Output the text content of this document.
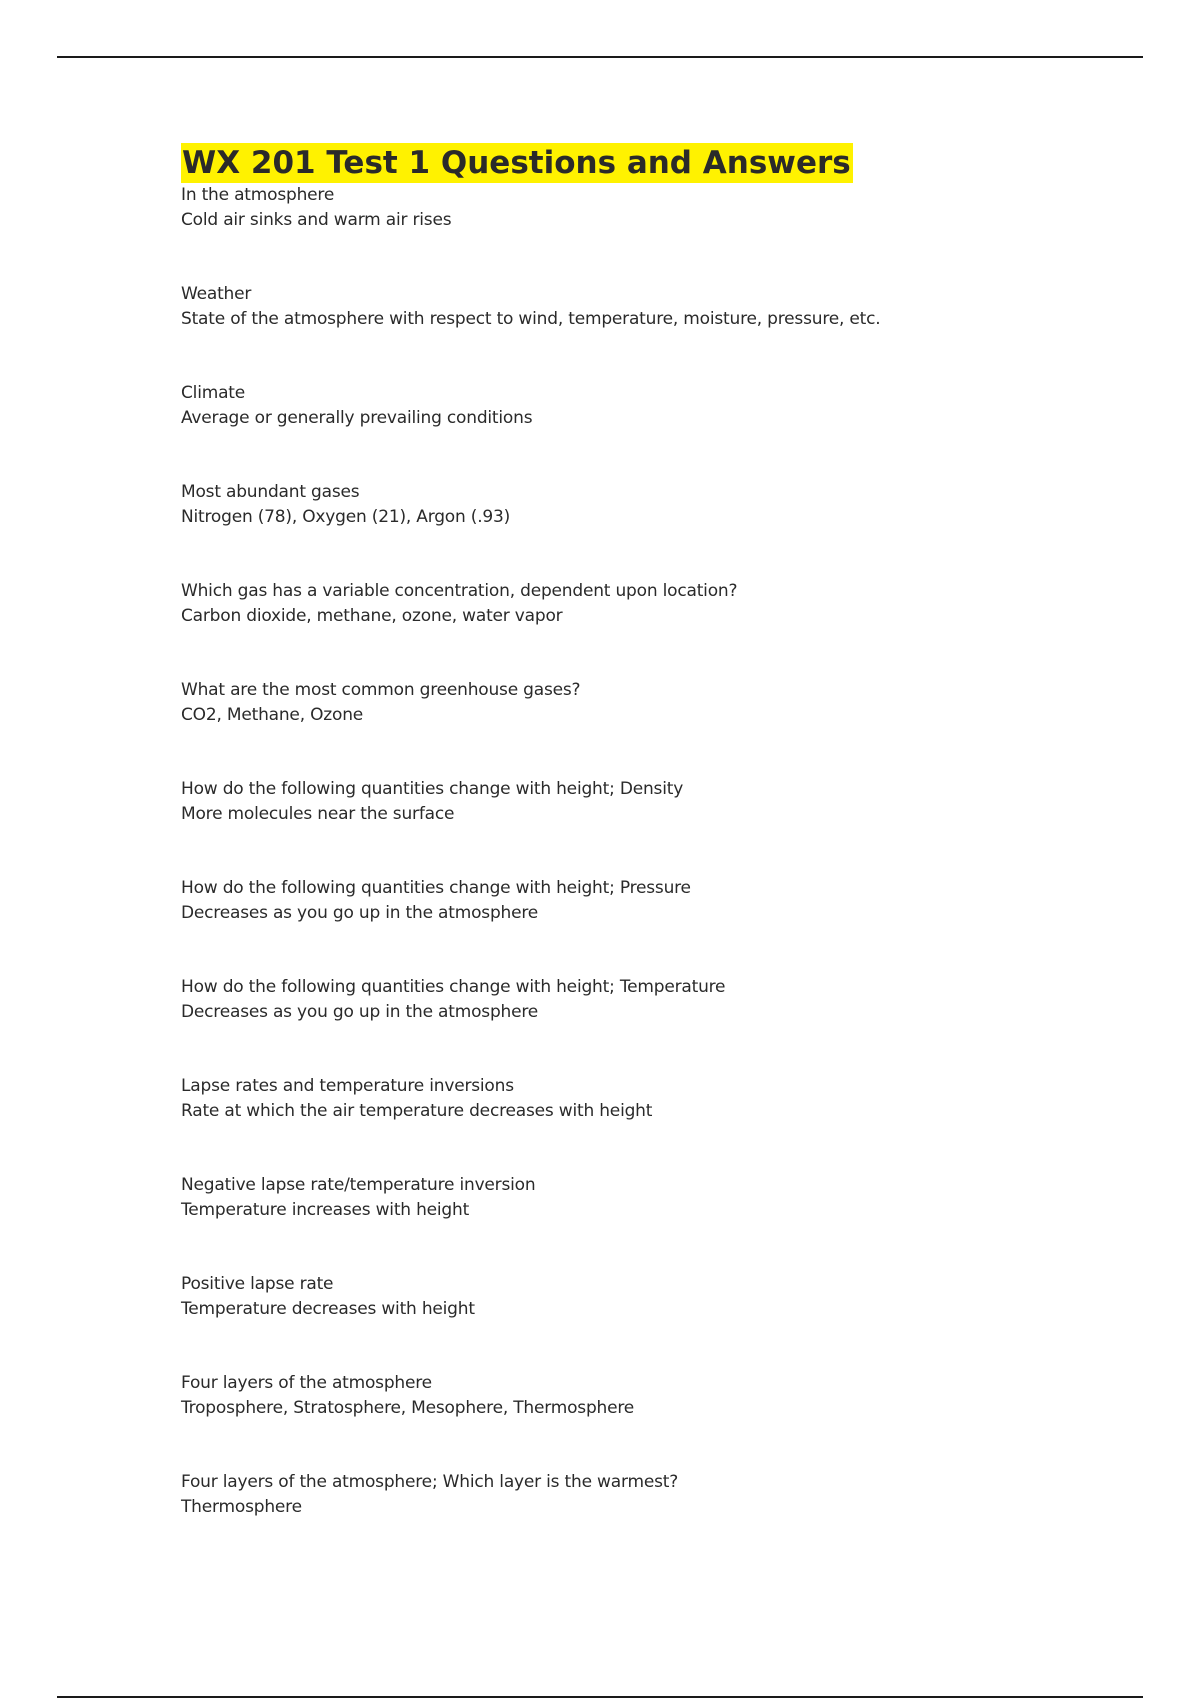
WX 201 Test 1 Questions and Answers
In the atmosphere
Cold air sinks and warm air rises
Weather
State of the atmosphere with respect to wind, temperature, moisture, pressure, etc.
Climate
Average or generally prevailing conditions
Most abundant gases
Nitrogen (78), Oxygen (21), Argon (.93)
Which gas has a variable concentration, dependent upon location?
Carbon dioxide, methane, ozone, water vapor
What are the most common greenhouse gases?
CO2, Methane, Ozone
How do the following quantities change with height; Density
More molecules near the surface
How do the following quantities change with height; Pressure
Decreases as you go up in the atmosphere
How do the following quantities change with height; Temperature
Decreases as you go up in the atmosphere
Lapse rates and temperature inversions
Rate at which the air temperature decreases with height
Negative lapse rate/temperature inversion
Temperature increases with height
Positive lapse rate
Temperature decreases with height
Four layers of the atmosphere
Troposphere, Stratosphere, Mesophere, Thermosphere
Four layers of the atmosphere; Which layer is the warmest?
Thermosphere
